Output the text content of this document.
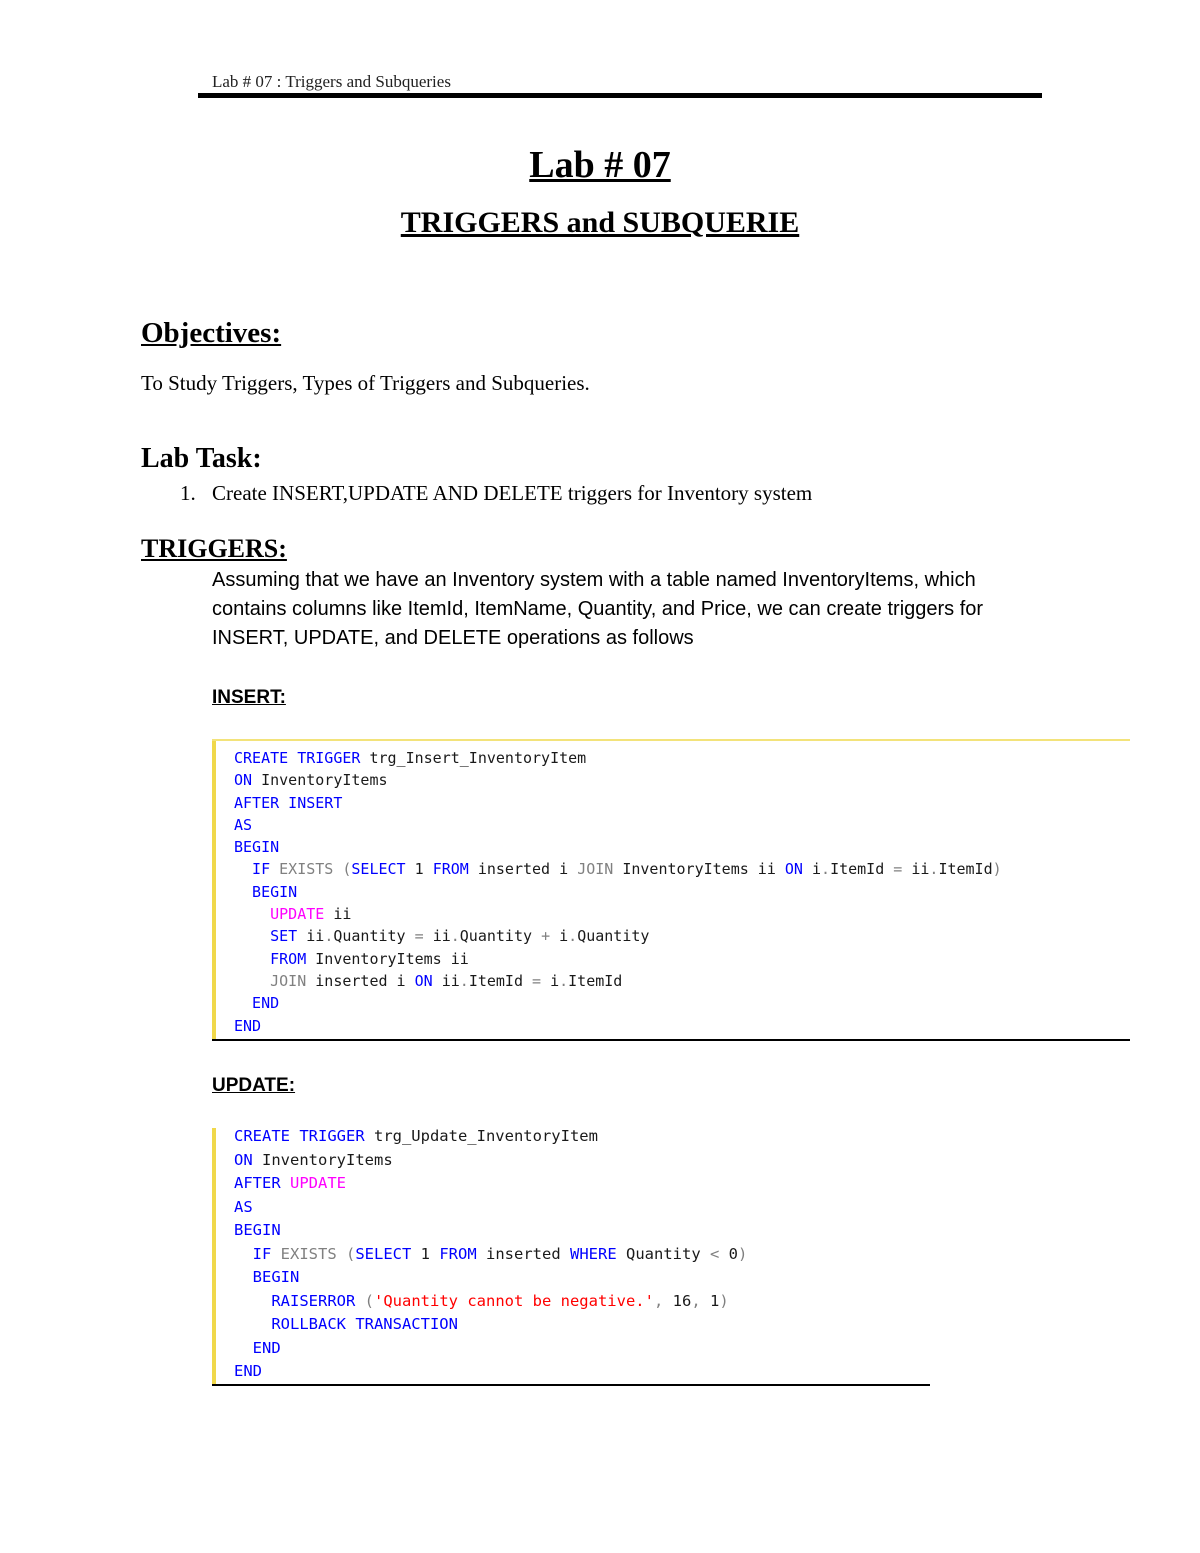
Lab # 07 : Triggers and Subqueries
Lab # 07
TRIGGERS and SUBQUERIE
Objectives:
To Study Triggers, Types of Triggers and Subqueries.
Lab Task:
1. Create INSERT,UPDATE AND DELETE triggers for Inventory system
TRIGGERS:
Assuming that we have an Inventory system with a table named InventoryItems, which
contains columns like ItemId, ItemName, Quantity, and Price, we can create triggers for
INSERT, UPDATE, and DELETE operations as follows
INSERT:
CREATE TRIGGER trg_Insert_InventoryItem
ON InventoryItems
AFTER INSERT
AS
BEGIN
IF EXISTS (SELECT 1 FROM inserted i JOIN InventoryItems ii ON i.ItemId = ii.ItemId)
BEGIN
UPDATE ii
SET ii.Quantity = ii.Quantity + i.Quantity
FROM InventoryItems ii
JOIN inserted i ON ii.ItemId = i.ItemId
END
END
UPDATE:
CREATE TRIGGER trg_Update_InventoryItem
ON InventoryItems
AFTER UPDATE
AS
BEGIN
IF EXISTS (SELECT 1 FROM inserted WHERE Quantity < 0)
BEGIN
RAISERROR ('Quantity cannot be negative.', 16, 1)
ROLLBACK TRANSACTION
END
END
